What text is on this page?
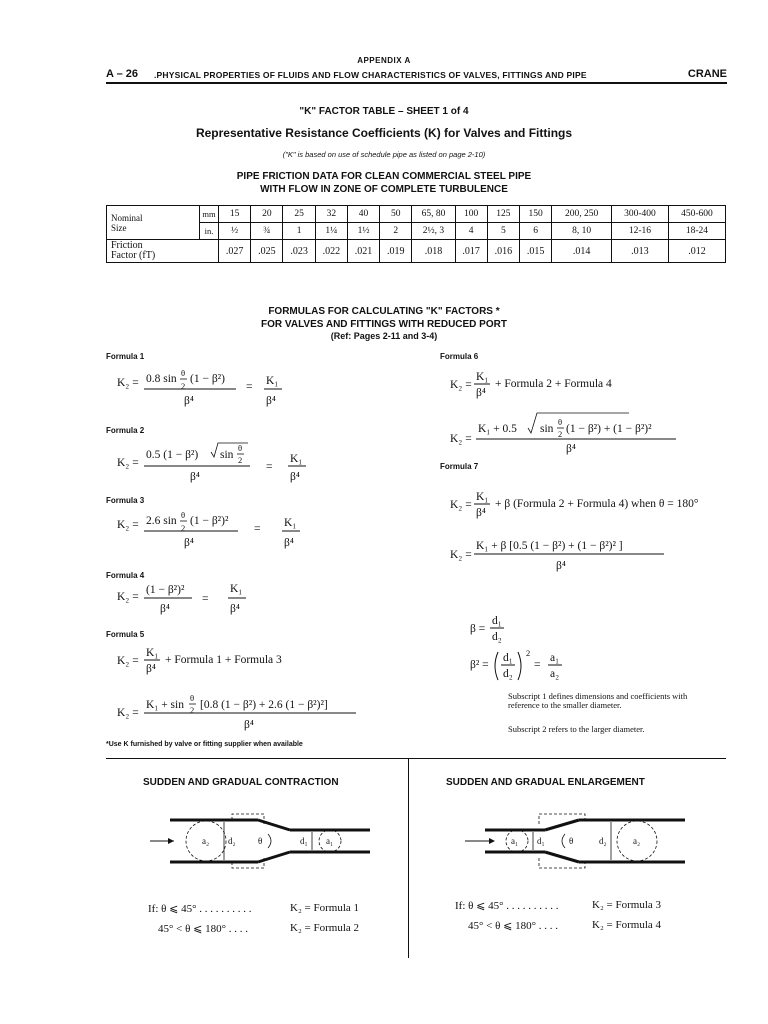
APPENDIX A
A – 26 .PHYSICAL PROPERTIES OF FLUIDS AND FLOW CHARACTERISTICS OF VALVES, FITTINGS AND PIPE	CRANE
"K" FACTOR TABLE – SHEET 1 of 4
Representative Resistance Coefficients (K) for Valves and Fittings
("K" is based on use of schedule pipe as listed on page 2-10)
PIPE FRICTION DATA FOR CLEAN COMMERCIAL STEEL PIPE
WITH FLOW IN ZONE OF COMPLETE TURBULENCE
Nominal
Size	mm	15	20	25	32	40	50	65, 80	100	125	150	200, 250	300-400	450-600
	in.	½	¾	1	1¼	1½	2	2½, 3	4	5	6	8, 10	12-16	18-24

Friction
Factor (fT)		.027	.025	.023	.022	.021	.019	.018	.017	.016	.015	.014	.013	.012
FORMULAS FOR CALCULATING "K" FACTORS *
FOR VALVES AND FITTINGS WITH REDUCED PORT
(Ref: Pages 2-11 and 3-4)
Formula 1
Formula 2
Formula 3
Formula 4
Formula 5
Formula 6
Formula 7
K₂ = 0.8 sin θ
2
(1 − β²)
β⁴
= K₁
β⁴
K₂ =
0.5 (1 − β²) sin
θ
2
β⁴
=
K₁
β⁴
K₂ = 2.6 sin θ
2
(1 − β²)²
β⁴
= K₁
β⁴
K₂ =
(1 − β²)²
β⁴
=
K₁
β⁴
K₂ =
K₁
β⁴
K₂ =
K₁ + sin
θ
2 [0.8 (1 − β²) + 2.6 (1 − β²)²]
β⁴
K₂ =
K₁
β⁴
K₂ =
K₁ + 0.5 sin
θ
2 (1 − β²) + (1 − β²)²
β⁴
K₂ =
K₁
β⁴
K₂ =
K₁ + β [0.5 (1 − β²) + (1 − β²)² ]
β⁴
β =
d₁
d₂
β² =
d₁
d₂
2
=
a₁
a₂
+ Formula 1 + Formula 3
+ Formula 2 + Formula 4
+ β (Formula 2 + Formula 4) when θ = 180°
Subscript 1 defines dimensions and coefficients with reference to the smaller diameter.
Subscript 2 refers to the larger diameter.
*Use K furnished by valve or fitting supplier when available
SUDDEN AND GRADUAL CONTRACTION	SUDDEN AND GRADUAL ENLARGEMENT
a₂ d₂ θ	d₁ a₁	a₁ d₁	θ	d₂	a₂
If: θ ⩽ 45° . . . . . . . . . .	K₂ = Formula 1
45° < θ ⩽ 180° . . . .	K₂ = Formula 2
If: θ ⩽ 45° . . . . . . . . . .	K₂ = Formula 3
45° < θ ⩽ 180° . . . .	K₂ = Formula 4
